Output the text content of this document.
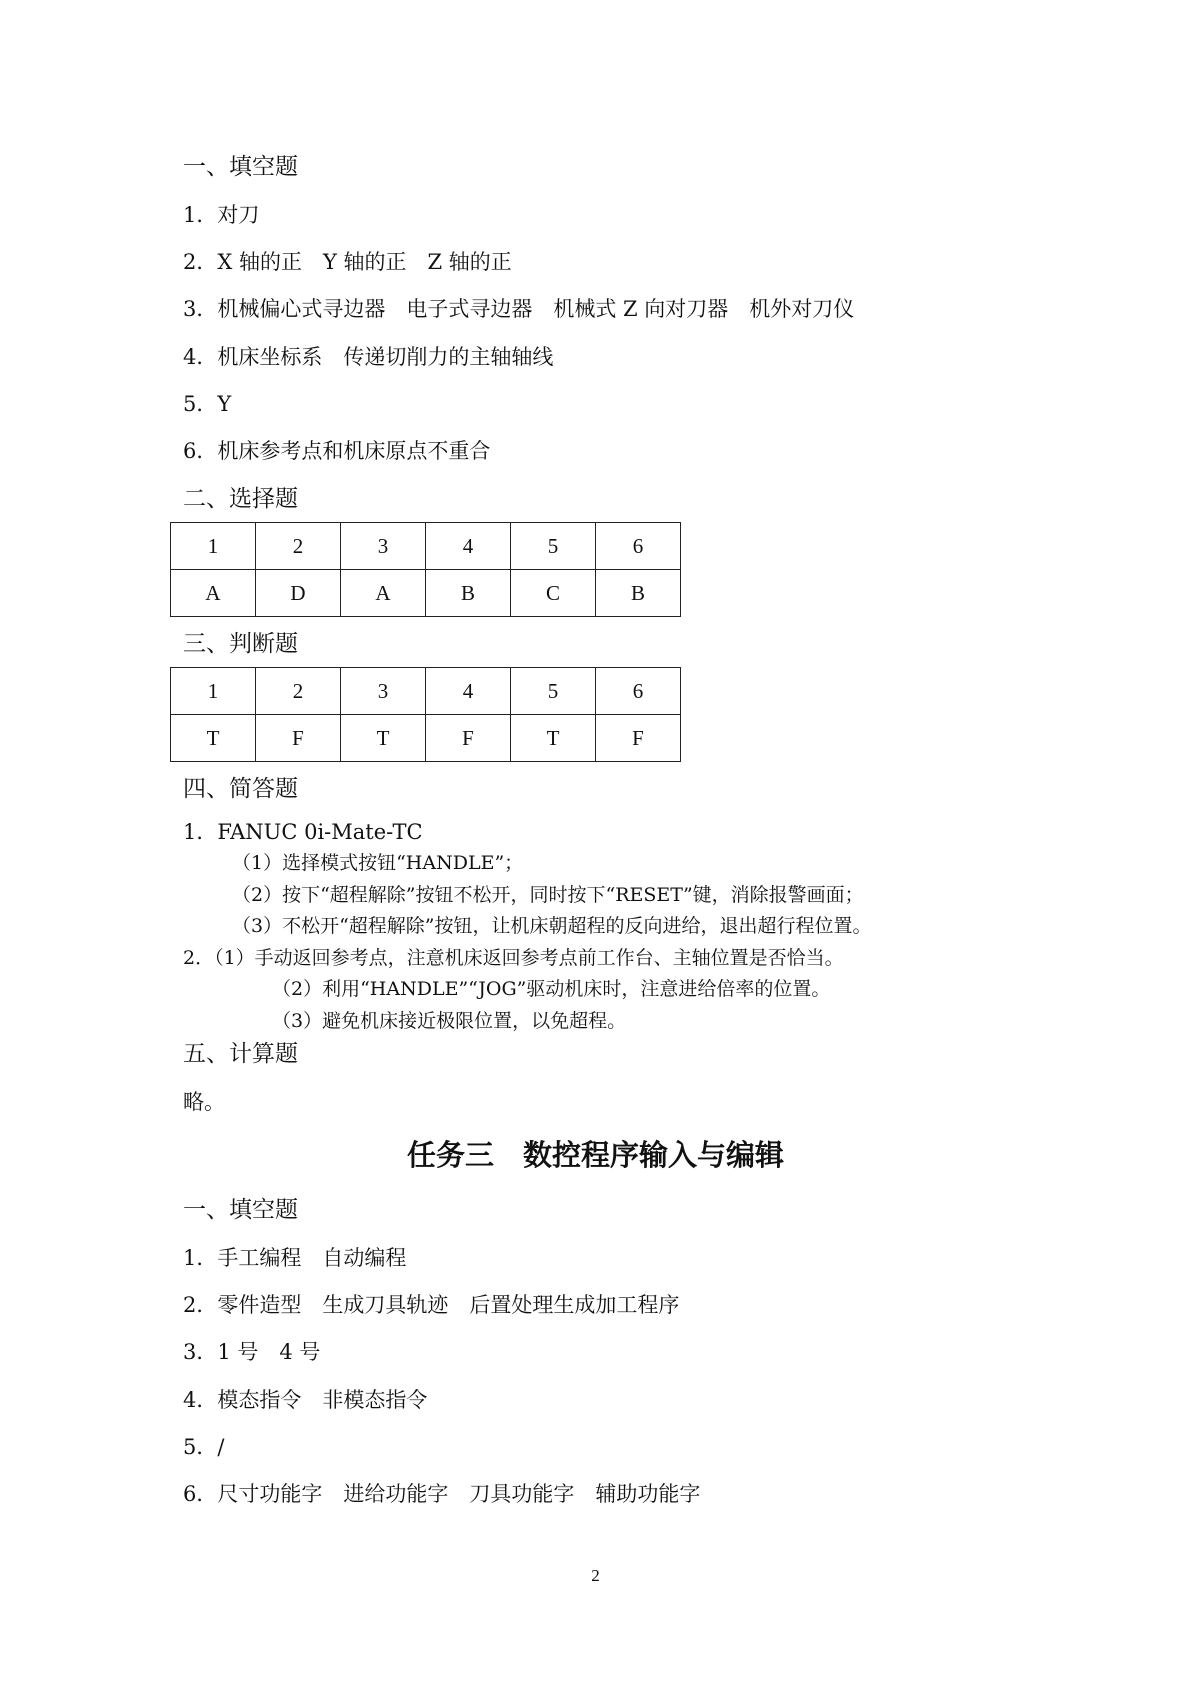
一、填空题
1．对刀
2．X 轴的正　Y 轴的正　Z 轴的正
3．机械偏心式寻边器　电子式寻边器　机械式 Z 向对刀器　机外对刀仪
4．机床坐标系　传递切削力的主轴轴线
5．Y
6．机床参考点和机床原点不重合
二、选择题
1	2	3	4	5	6
A	D	A	B	C	B
三、判断题
1	2	3	4	5	6
T	F	T	F	T	F
四、简答题
1．FANUC 0i-Mate-TC
（1）选择模式按钮“HANDLE”；
（2）按下“超程解除”按钮不松开，同时按下“RESET”键，消除报警画面；
（3）不松开“超程解除”按钮，让机床朝超程的反向进给，退出超行程位置。
2．（1）手动返回参考点，注意机床返回参考点前工作台、主轴位置是否恰当。
（2）利用“HANDLE”“JOG”驱动机床时，注意进给倍率的位置。
（3）避免机床接近极限位置，以免超程。
五、计算题
略。
任务三　数控程序输入与编辑
一、填空题
1．手工编程　自动编程
2．零件造型　生成刀具轨迹　后置处理生成加工程序
3．1 号　4 号
4．模态指令　非模态指令
5．/
6．尺寸功能字　进给功能字　刀具功能字　辅助功能字
2
